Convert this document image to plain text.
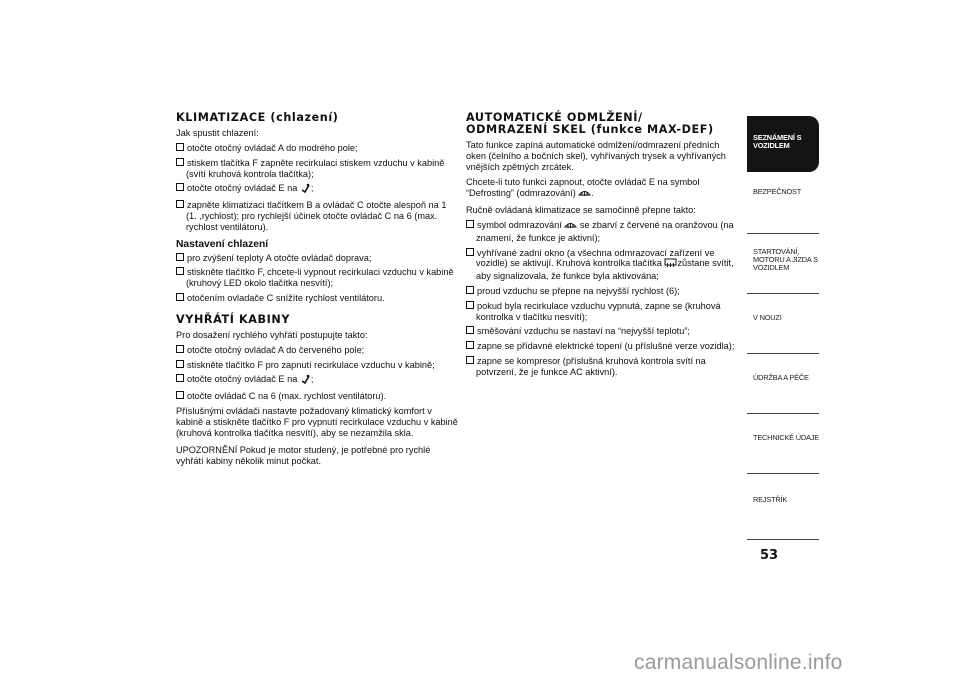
KLIMATIZACE (chlazení)
Jak spustit chlazení:
otočte otočný ovládač A do modrého pole;
stiskem tlačítka F zapněte recirkulaci stiskem vzduchu v kabině (svítí kruhová kontrola tlačítka);
otočte otočný ovládač E na ;
zapněte klimatizaci tlačítkem B a ovládač C otočte alespoň na 1 (1. ,rychlost); pro rychlejší účinek otočte ovládač C na 6 (max. rychlost ventilátoru).
Nastavení chlazení
pro zvýšení teploty A otočte ovládač doprava;
stiskněte tlačítko F, chcete-li vypnout recirkulaci vzduchu v kabině (kruhový LED okolo tlačítka nesvítí);
otočením ovladače C snížíte rychlost ventilátoru.
VYHŘÁTÍ KABINY
Pro dosažení rychlého vyhřátí postupujte takto:
otočte otočný ovládač A do červeného pole;
stiskněte tlačítko F pro zapnutí recirkulace vzduchu v kabině;
otočte otočný ovládač E na ;
otočte ovládač C na 6 (max. rychlost ventilátoru).
Příslušnými ovládači nastavte požadovaný klimatický komfort v kabině a stiskněte tlačítko F pro vypnutí recirkulace vzduchu v kabině (kruhová kontrolka tlačítka nesvítí), aby se nezamžila skla.
UPOZORNĚNÍ Pokud je motor studený, je potřebné pro rychlé vyhřátí kabiny několik minut počkat.
AUTOMATICKÉ ODMLŽENÍ/
ODMRAZENÍ SKEL (funkce MAX-DEF)
Tato funkce zapíná automatické odmlžení/odmrazení předních oken (čelního a bočních skel), vyhřívaných trysek a vyhřívaných vnějších zpětných zrcátek.
Chcete-li tuto funkci zapnout, otočte ovládač E na symbol “Defrosting” (odmrazování) .
Ručně ovládaná klimatizace se samočinně přepne takto:
symbol odmrazování se zbarví z červené na oranžovou (na znamení, že funkce je aktivní);
vyhřívané zadní okno (a všechna odmrazovací zařízení ve vozidle) se aktivují. Kruhová kontrolka tlačítka zůstane svítit, aby signalizovala, že funkce byla aktivována;
proud vzduchu se přepne na nejvyšší rychlost (6);
pokud byla recirkulace vzduchu vypnutá, zapne se (kruhová kontrolka v tlačítku nesvítí);
směšování vzduchu se nastaví na “nejvyšší teplotu”;
zapne se přídavné elektrické topení (u příslušné verze vozidla);
zapne se kompresor (příslušná kruhová kontrola svítí na potvrzení, že je funkce AC aktivní).
SEZNÁMENÍ S
VOZIDLEM
BEZPEČNOST
STARTOVÁNÍ,
MOTORU A JÍZDA S
VOZIDLEM
V NOUZI
ÚDRŽBA A PÉČE
TECHNICKÉ ÚDAJE
REJSTŘÍK
53
carmanualsonline.info
